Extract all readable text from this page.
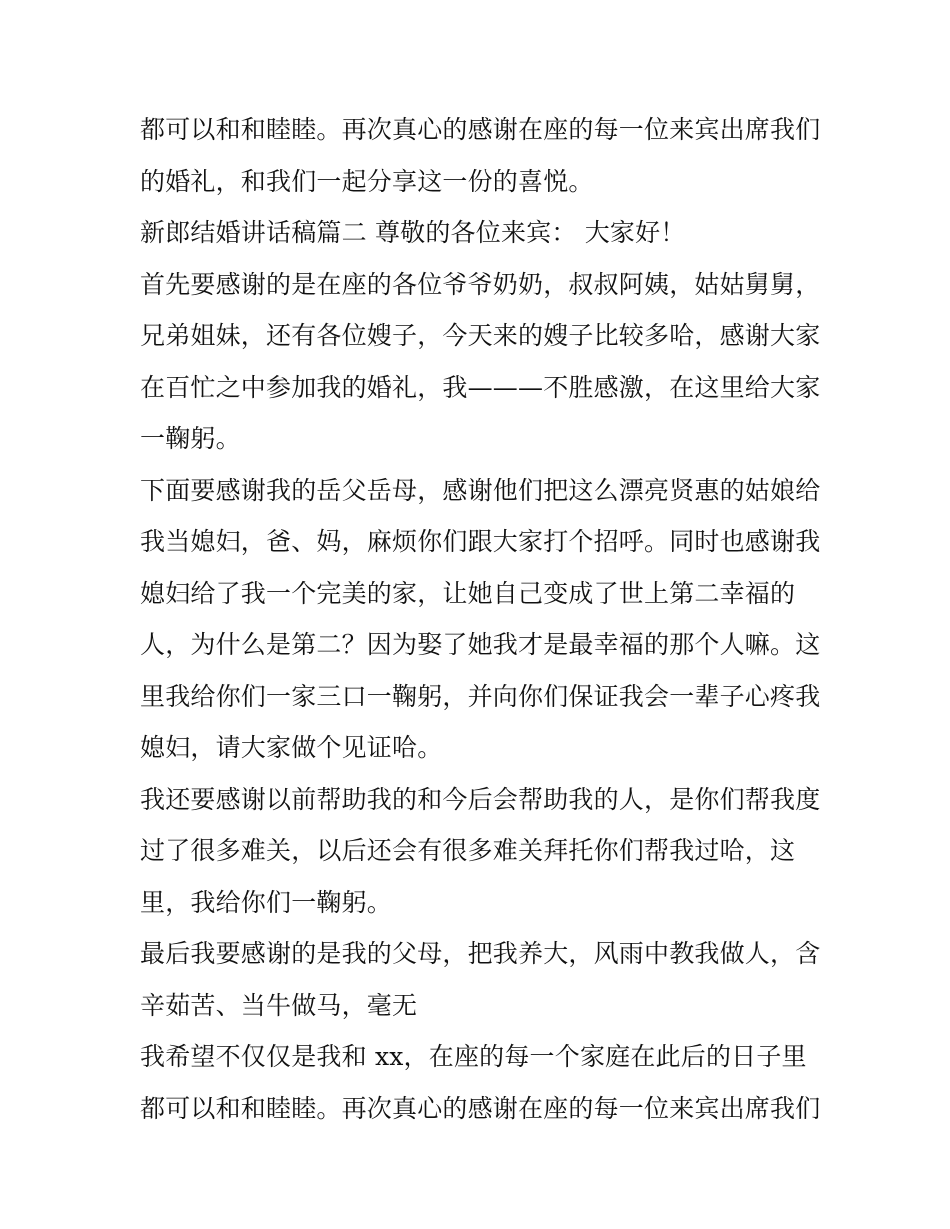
都可以和和睦睦。再次真心的感谢在座的每一位来宾出席我们
的婚礼，和我们一起分享这一份的喜悦。
新郎结婚讲话稿篇二 尊敬的各位来宾： 大家好！
首先要感谢的是在座的各位爷爷奶奶，叔叔阿姨，姑姑舅舅，
兄弟姐妹，还有各位嫂子，今天来的嫂子比较多哈，感谢大家
在百忙之中参加我的婚礼，我———不胜感激，在这里给大家
一鞠躬。
下面要感谢我的岳父岳母，感谢他们把这么漂亮贤惠的姑娘给
我当媳妇，爸、妈，麻烦你们跟大家打个招呼。同时也感谢我
媳妇给了我一个完美的家，让她自己变成了世上第二幸福的
人，为什么是第二？因为娶了她我才是最幸福的那个人嘛。这
里我给你们一家三口一鞠躬，并向你们保证我会一辈子心疼我
媳妇，请大家做个见证哈。
我还要感谢以前帮助我的和今后会帮助我的人，是你们帮我度
过了很多难关，以后还会有很多难关拜托你们帮我过哈，这
里，我给你们一鞠躬。
最后我要感谢的是我的父母，把我养大，风雨中教我做人，含
辛茹苦、当牛做马，毫无
我希望不仅仅是我和 xx，在座的每一个家庭在此后的日子里
都可以和和睦睦。再次真心的感谢在座的每一位来宾出席我们
